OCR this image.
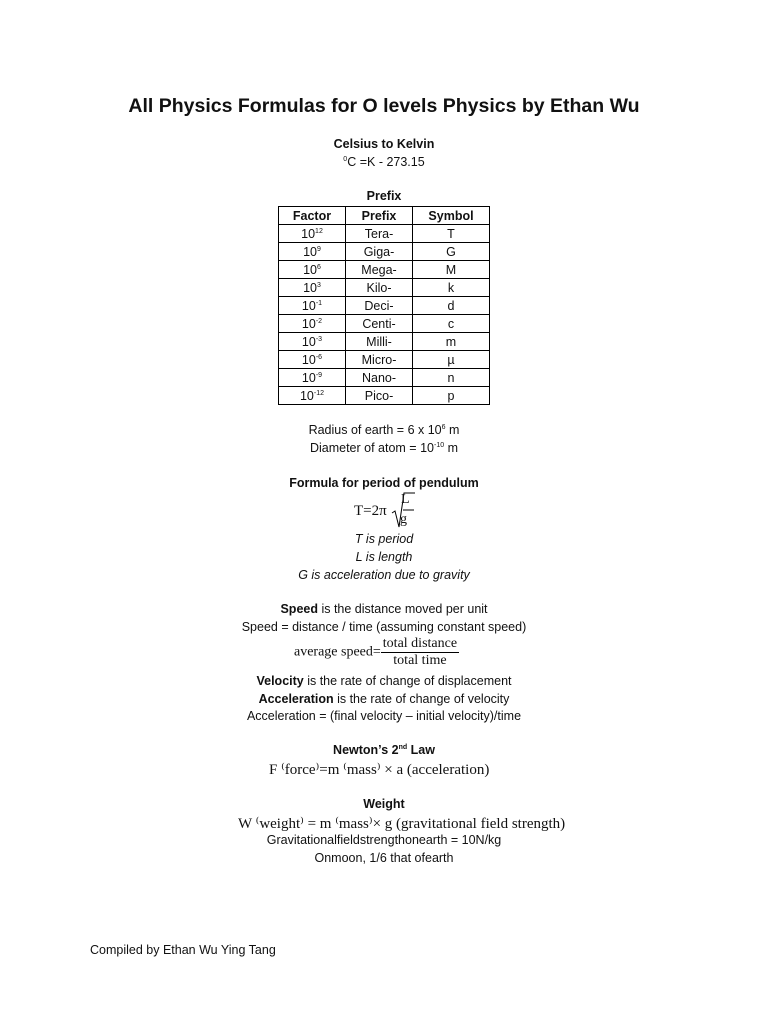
All Physics Formulas for O levels Physics by Ethan Wu
Celsius to Kelvin
$^0$C =K - 273.15
Prefix
Factor	Prefix	Symbol
$10^{12}$	Tera-	T
$10^9$	Giga-	G
$10^6$	Mega-	M
$10^3$	Kilo-	k
$10^{-1}$	Deci-	d
$10^{-2}$	Centi-	c
$10^{-3}$	Milli-	m
$10^{-6}$	Micro-	µ
$10^{-9}$	Nano-	n
$10^{-12}$	Pico-	p
Radius of earth = 6 x $10^6$ m
Diameter of atom = $10^{-10}$ m
Formula for period of pendulum
T=2π
L
g
T is period
L is length
G is acceleration due to gravity
Speed is the distance moved per unit
Speed = distance / time (assuming constant speed)
average speed= $\frac{\text{total distance}}{\text{total time}}$
Velocity is the rate of change of displacement
Acceleration is the rate of change of velocity
Acceleration = (final velocity – initial velocity)/time
Newton’s 2nd Law
F ⁽force⁾=m ⁽mass⁾ × a (acceleration)
Weight
W ⁽weight⁾ = m ⁽mass⁾× g (gravitational field strength)
Gravitationalfieldstrengthonearth = 10N/kg
Onmoon, 1/6 that ofearth
Compiled by Ethan Wu Ying Tang
